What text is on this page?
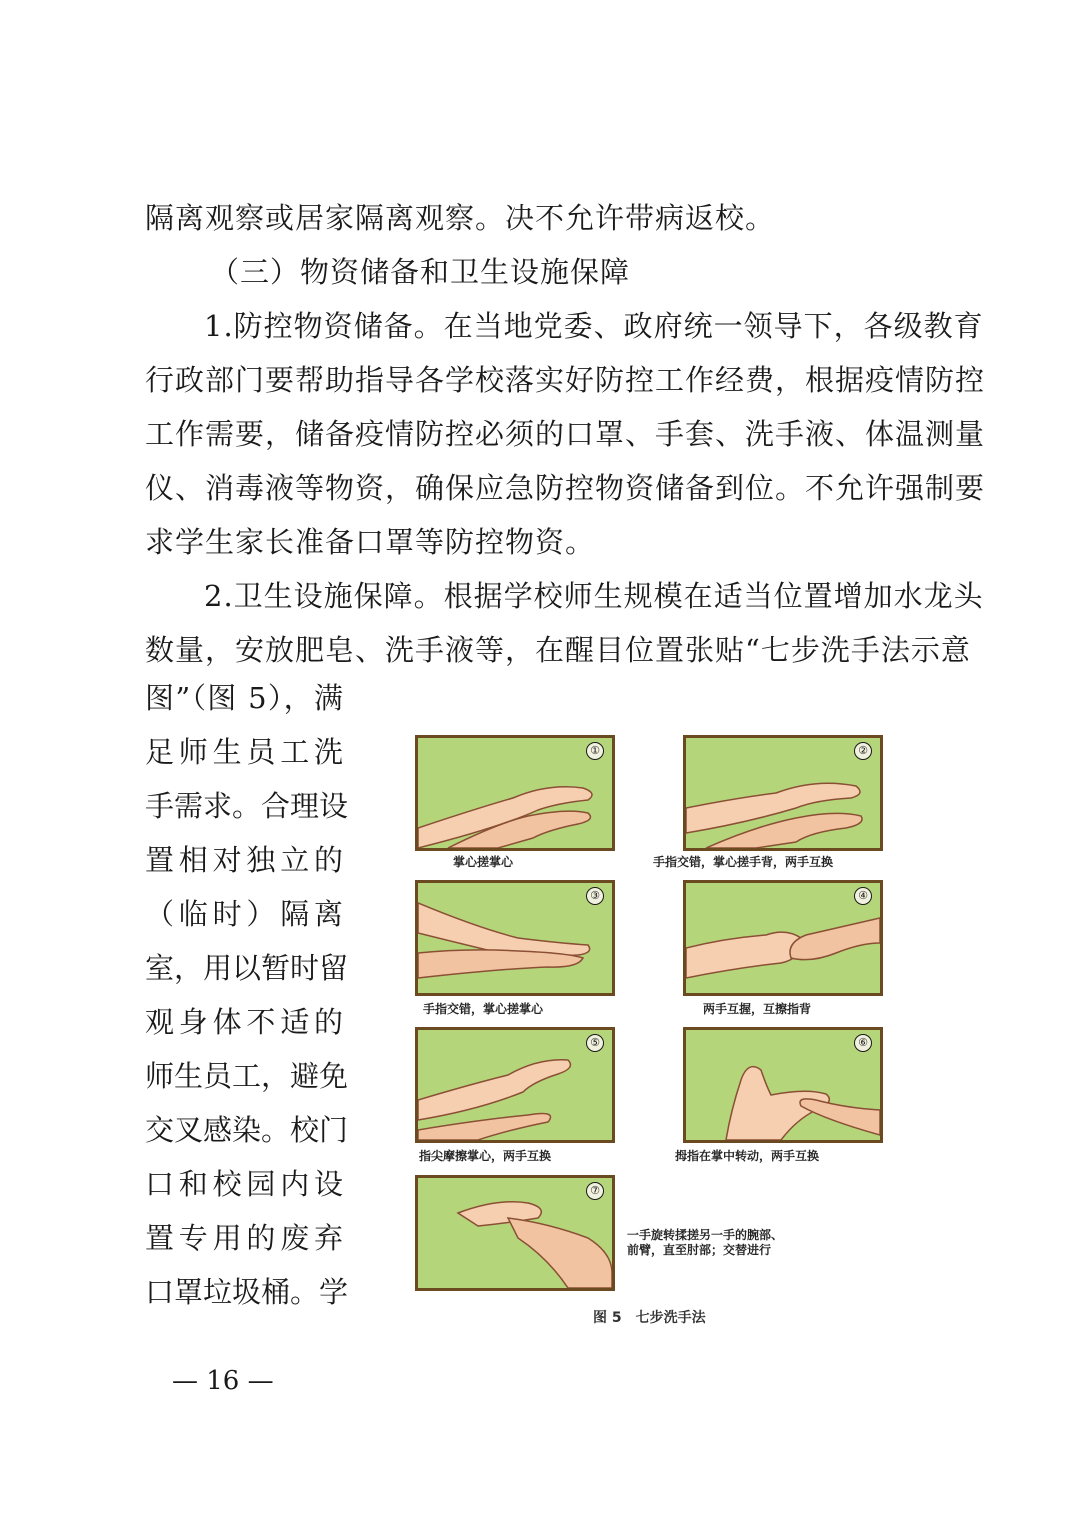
隔离观察或居家隔离观察。决不允许带病返校。
（三）物资储备和卫生设施保障
1.防控物资储备。在当地党委、政府统一领导下，各级教育
行政部门要帮助指导各学校落实好防控工作经费，根据疫情防控
工作需要，储备疫情防控必须的口罩、手套、洗手液、体温测量
仪、消毒液等物资，确保应急防控物资储备到位。不允许强制要
求学生家长准备口罩等防控物资。
2.卫生设施保障。根据学校师生规模在适当位置增加水龙头
数量，安放肥皂、洗手液等，在醒目位置张贴“七步洗手法示意
图”（图 5），满
足师生员工洗
手需求。合理设
置相对独立的
（临时）隔离
室，用以暂时留
观身体不适的
师生员工，避免
交叉感染。校门
口和校园内设
置专用的废弃
口罩垃圾桶。学
①
掌心搓掌心
②
手指交错，掌心搓手背，两手互换
③
手指交错，掌心搓掌心
④
两手互握，互擦指背
⑤
指尖摩擦掌心，两手互换
⑥
拇指在掌中转动，两手互换
⑦
一手旋转揉搓另一手的腕部、
前臂，直至肘部；交替进行
图 5　七步洗手法
— 16 —
